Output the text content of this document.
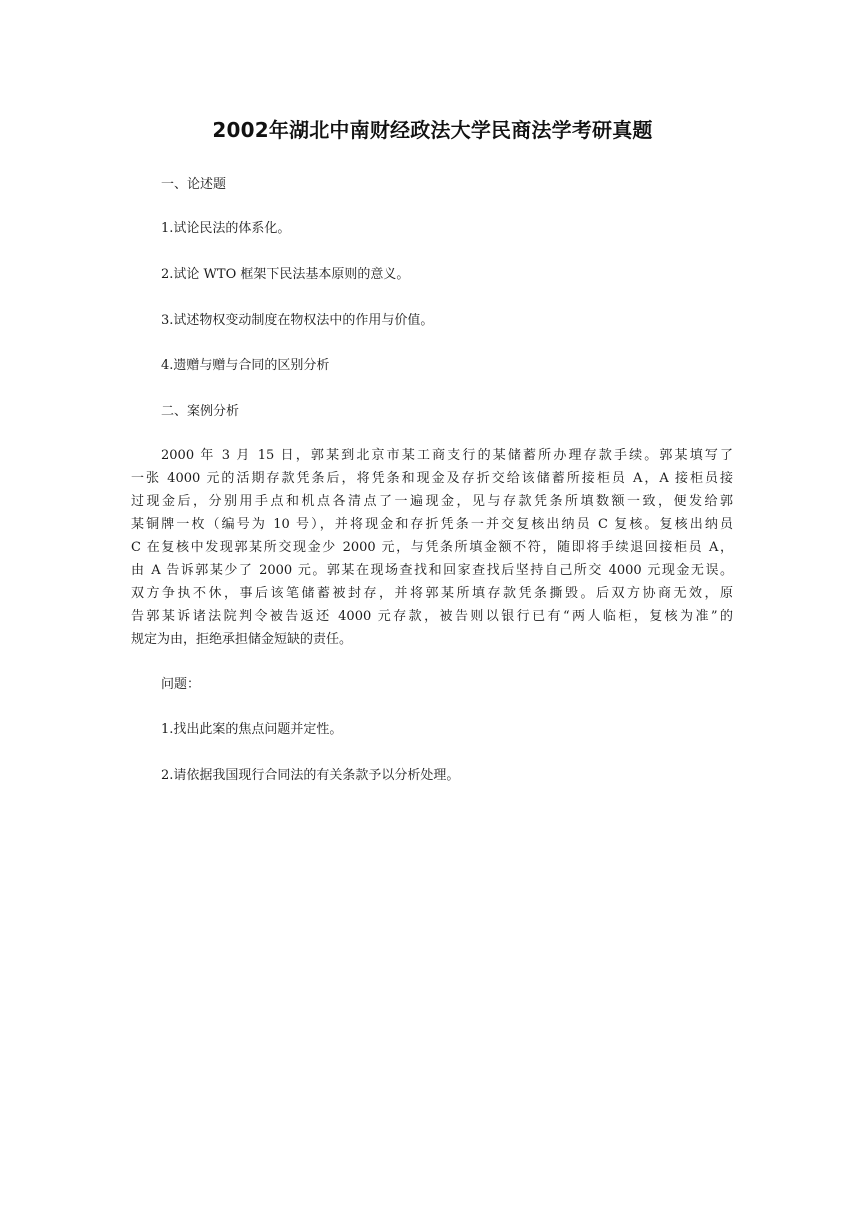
2002年湖北中南财经政法大学民商法学考研真题
一、论述题
1.试论民法的体系化。
2.试论 WTO 框架下民法基本原则的意义。
3.试述物权变动制度在物权法中的作用与价值。
4.遗赠与赠与合同的区别分析
二、案例分析
2000 年 3 月 15 日，郭某到北京市某工商支行的某储蓄所办理存款手续。郭某填写了
一张 4000 元的活期存款凭条后，将凭条和现金及存折交给该储蓄所接柜员 A，A 接柜员接
过现金后，分别用手点和机点各清点了一遍现金，见与存款凭条所填数额一致，便发给郭
某铜牌一枚（编号为 10 号），并将现金和存折凭条一并交复核出纳员 C 复核。复核出纳员
C 在复核中发现郭某所交现金少 2000 元，与凭条所填金额不符，随即将手续退回接柜员 A，
由 A 告诉郭某少了 2000 元。郭某在现场查找和回家查找后坚持自己所交 4000 元现金无误。
双方争执不休，事后该笔储蓄被封存，并将郭某所填存款凭条撕毁。后双方协商无效，原
告郭某诉诸法院判令被告返还 4000 元存款，被告则以银行已有“两人临柜，复核为准”的
规定为由，拒绝承担储金短缺的责任。
问题：
1.找出此案的焦点问题并定性。
2.请依据我国现行合同法的有关条款予以分析处理。
